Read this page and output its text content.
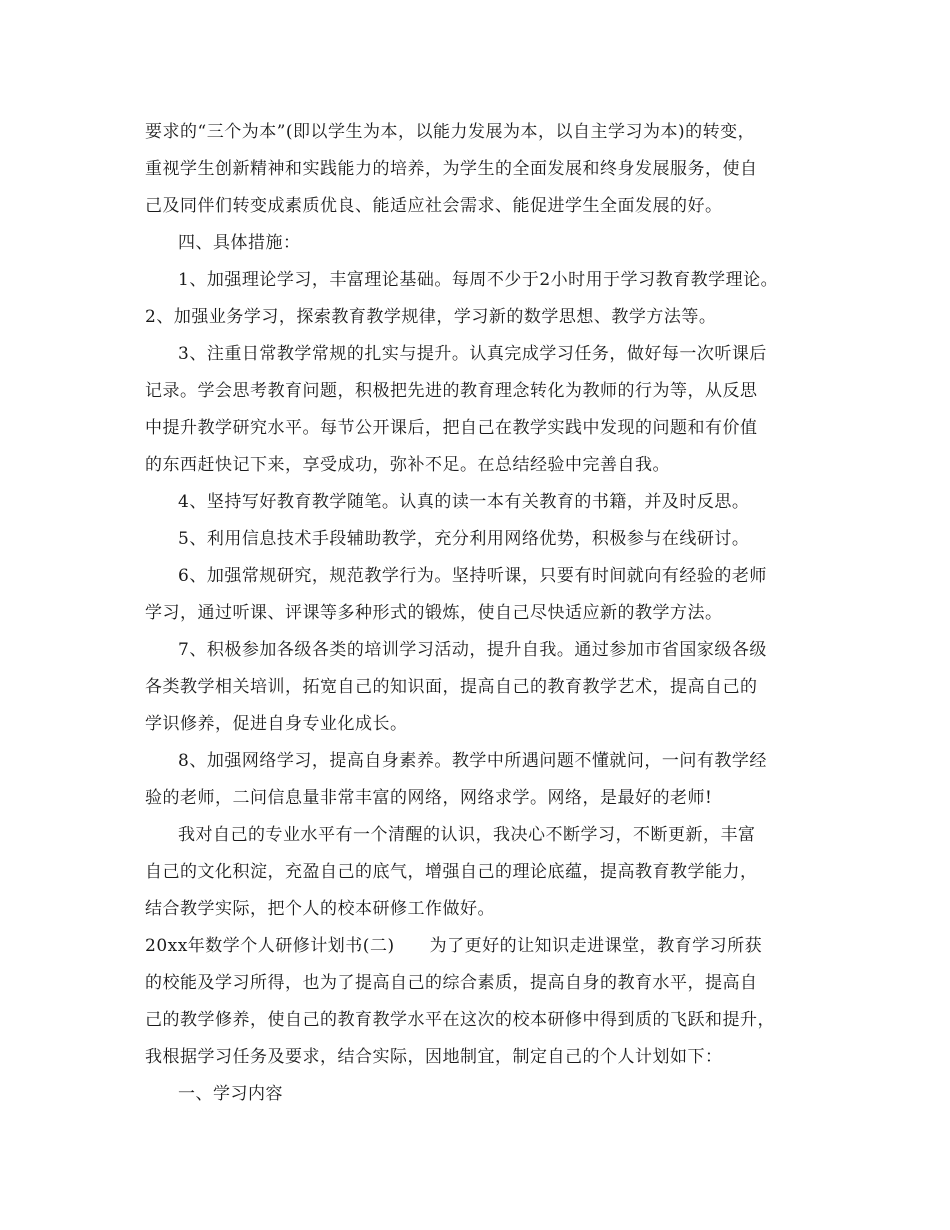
要求的“三个为本”(即以学生为本，以能力发展为本，以自主学习为本)的转变，
重视学生创新精神和实践能力的培养，为学生的全面发展和终身发展服务，使自
己及同伴们转变成素质优良、能适应社会需求、能促进学生全面发展的好。
四、具体措施：
1、加强理论学习，丰富理论基础。每周不少于2小时用于学习教育教学理论。
2、加强业务学习，探索教育教学规律，学习新的数学思想、教学方法等。
3、注重日常教学常规的扎实与提升。认真完成学习任务，做好每一次听课后
记录。学会思考教育问题，积极把先进的教育理念转化为教师的行为等，从反思
中提升教学研究水平。每节公开课后，把自己在教学实践中发现的问题和有价值
的东西赶快记下来，享受成功，弥补不足。在总结经验中完善自我。
4、坚持写好教育教学随笔。认真的读一本有关教育的书籍，并及时反思。
5、利用信息技术手段辅助教学，充分利用网络优势，积极参与在线研讨。
6、加强常规研究，规范教学行为。坚持听课，只要有时间就向有经验的老师
学习，通过听课、评课等多种形式的锻炼，使自己尽快适应新的教学方法。
7、积极参加各级各类的培训学习活动，提升自我。通过参加市省国家级各级
各类教学相关培训，拓宽自己的知识面，提高自己的教育教学艺术，提高自己的
学识修养，促进自身专业化成长。
8、加强网络学习，提高自身素养。教学中所遇问题不懂就问，一问有教学经
验的老师，二问信息量非常丰富的网络，网络求学。网络，是最好的老师!
我对自己的专业水平有一个清醒的认识，我决心不断学习，不断更新，丰富
自己的文化积淀，充盈自己的底气，增强自己的理论底蕴，提高教育教学能力，
结合教学实际，把个人的校本研修工作做好。
20xx年数学个人研修计划书(二)　　为了更好的让知识走进课堂，教育学习所获
的校能及学习所得，也为了提高自己的综合素质，提高自身的教育水平，提高自
己的教学修养，使自己的教育教学水平在这次的校本研修中得到质的飞跃和提升，
我根据学习任务及要求，结合实际，因地制宜，制定自己的个人计划如下：
一、学习内容
